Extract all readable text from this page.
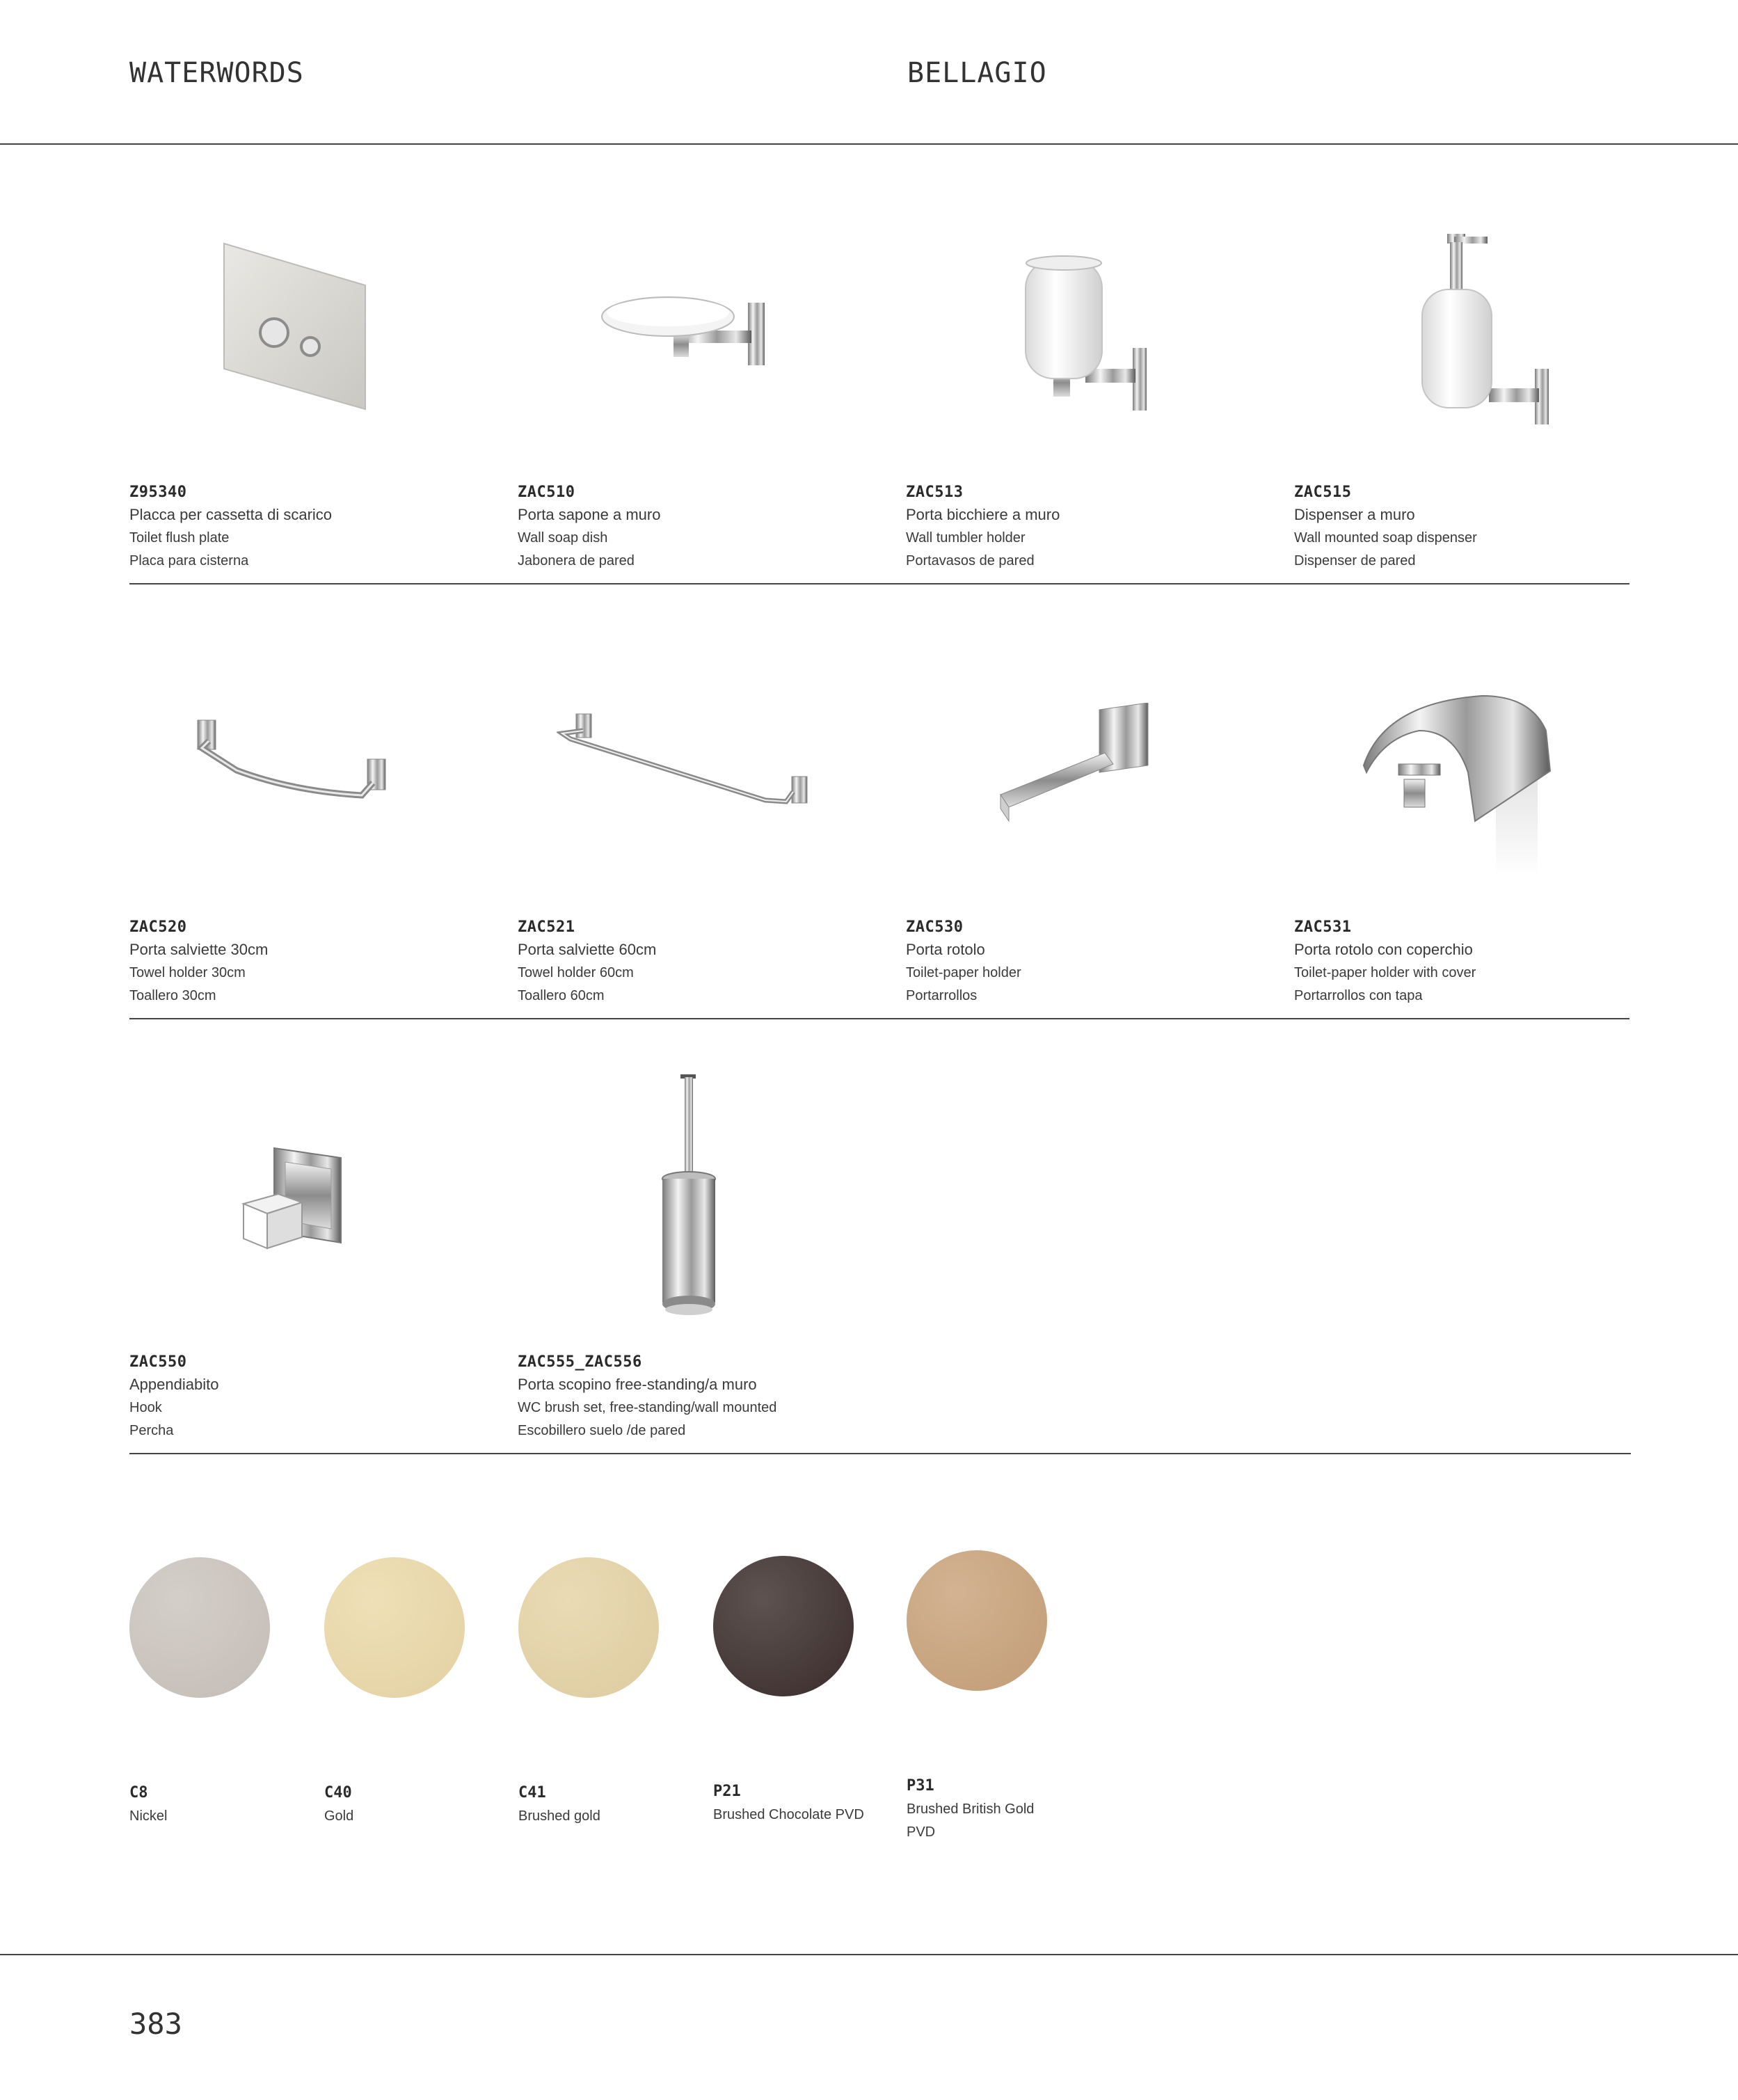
WATERWORDS	BELLAGIO
Z95340
Placca per cassetta di scarico
Toilet flush plate
Placa para cisterna
ZAC510
Porta sapone a muro
Wall soap dish
Jabonera de pared
ZAC513
Porta bicchiere a muro
Wall tumbler holder
Portavasos de pared
ZAC515
Dispenser a muro
Wall mounted soap dispenser
Dispenser de pared
ZAC520
Porta salviette 30cm
Towel holder 30cm
Toallero 30cm
ZAC521
Porta salviette 60cm
Towel holder 60cm
Toallero 60cm
ZAC530
Porta rotolo
Toilet-paper holder
Portarrollos
ZAC531
Porta rotolo con coperchio
Toilet-paper holder with cover
Portarrollos con tapa
ZAC550
Appendiabito
Hook
Percha
ZAC555_ZAC556
Porta scopino free-standing/a muro
WC brush set, free-standing/wall mounted
Escobillero suelo /de pared
C8
Nickel
C40
Gold
C41
Brushed gold
P21
Brushed Chocolate PVD
P31
Brushed British Gold PVD
383
